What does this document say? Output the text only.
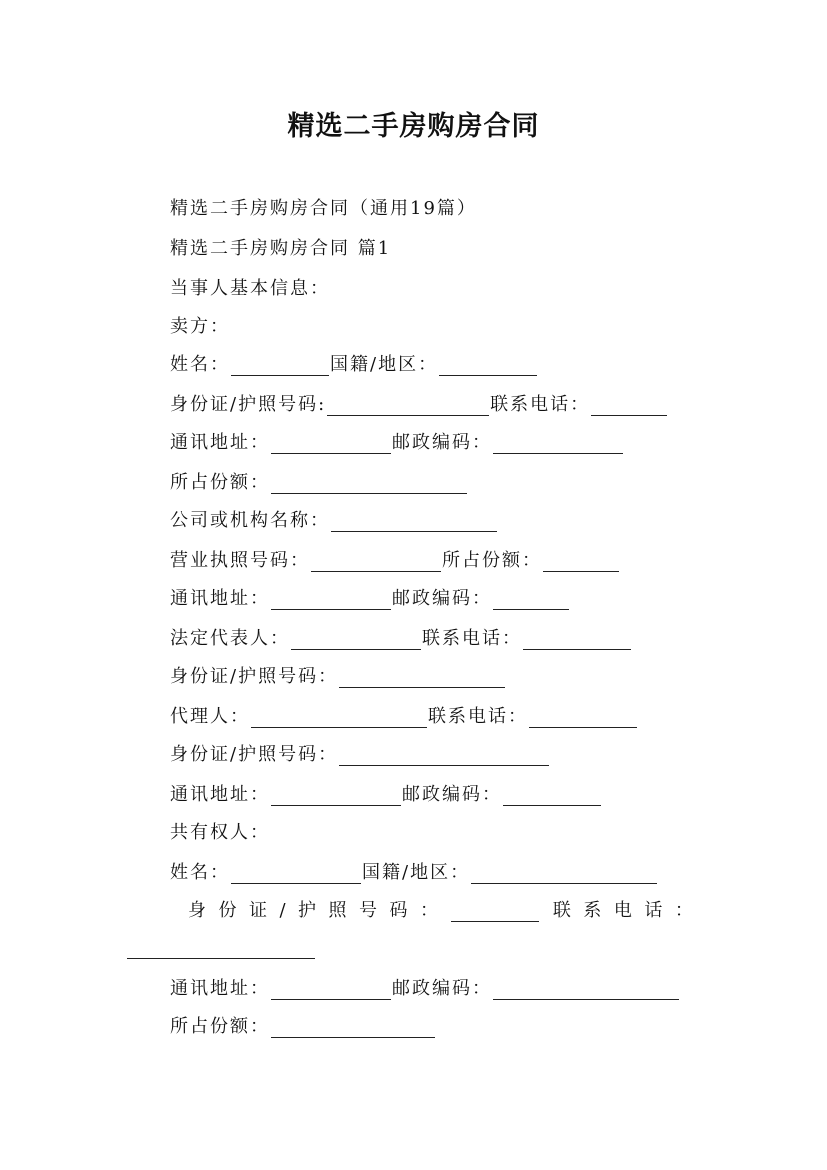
精选二手房购房合同
精选二手房购房合同（通用19篇）
精选二手房购房合同 篇1
当事人基本信息：
卖方：
姓名：	国籍/地区：
身份证/护照号码:	联系电话：
通讯地址：	邮政编码：
所占份额：
公司或机构名称：
营业执照号码：	所占份额：
通讯地址：	邮政编码：
法定代表人：	联系电话：
身份证/护照号码：
代理人：	联系电话：
身份证/护照号码：
通讯地址：	邮政编码：
共有权人：
姓名：	国籍/地区：
身 份 证 / 护 照 号 码 ：	联 系 电 话 ：
通讯地址：	邮政编码：
所占份额：
